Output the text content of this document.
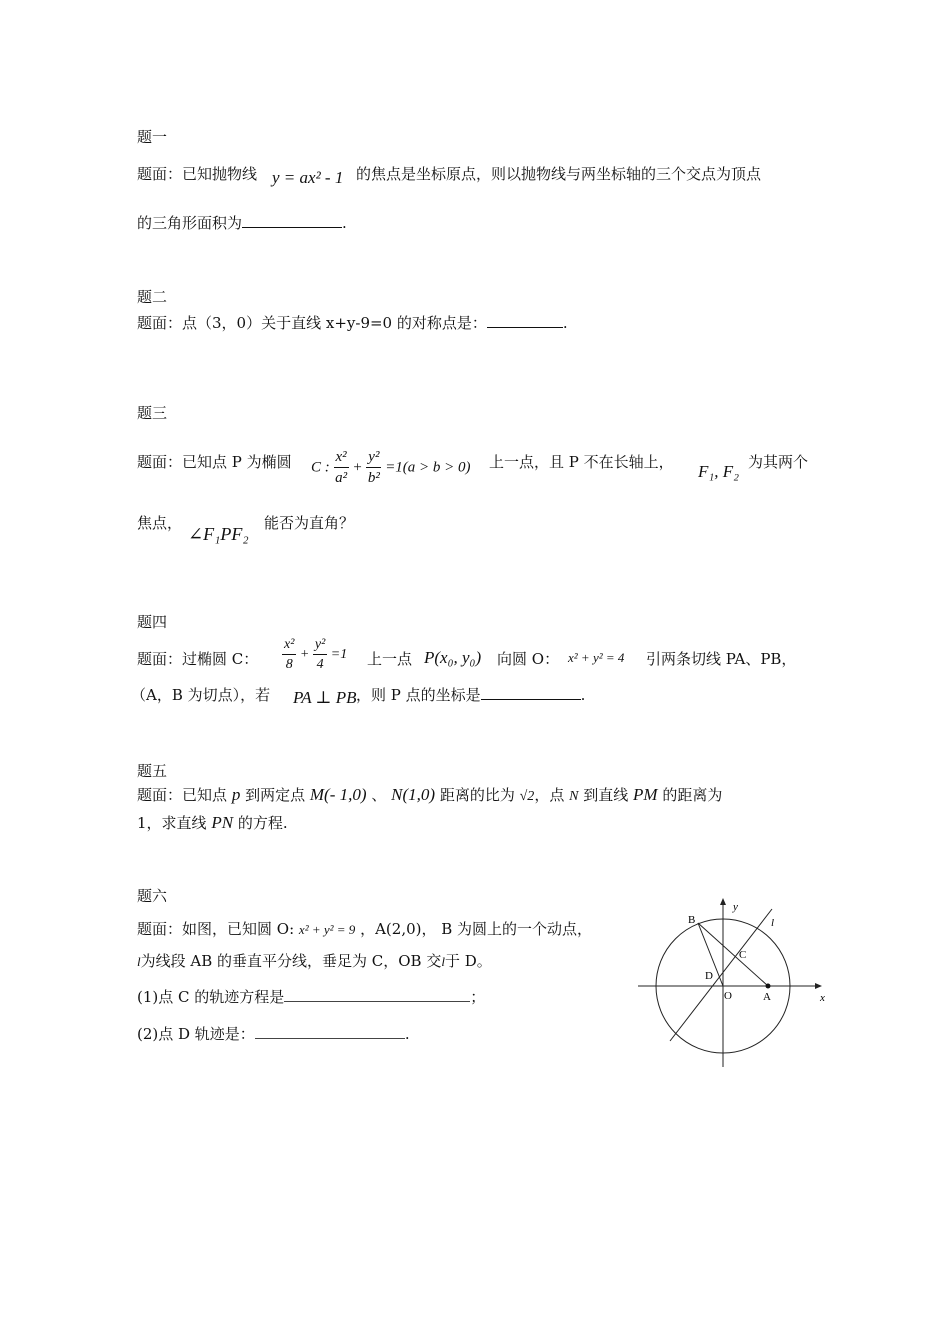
题一
题面：已知抛物线 y = ax² - 1 的焦点是坐标原点，则以抛物线与两坐标轴的三个交点为顶点
的三角形面积为	.
题二
题面：点（3，0）关于直线 x+y-9=0 的对称点是：	.
题三
题面：已知点 P 为椭圆 C : $\frac{\text{x²}}{\text{a²}} + \frac{\text{y²}}{\text{b²}} =1(a > b > 0)$ 上一点，且 P 不在长轴上， F₁, F₂ 为其两个
焦点，
∠F₁PF₂
能否为直角？
题四
题面：过椭圆 C： $\frac{\text{x²}}{8} + \frac{\text{y²}}{4} =1$ 上一点 P(x₀, y₀) 向圆 O： x² + y² = 4 引两条切线 PA、PB，
（A，B 为切点），若 PA ⊥ PB ，则 P 点的坐标是	.
题五
题面：已知点 p 到两定点 M(- 1,0) 、 N(1,0) 距离的比为 √2，点 N 到直线 PM 的距离为
1，求直线 PN 的方程.
题六
题面：如图，已知圆 O: x² + y² = 9 ，A(2,0)， B 为圆上的一个动点，
l为线段 AB 的垂直平分线，垂足为 C，OB 交l于 D。
(1)点 C 的轨迹方程是	；
(2)点 D 轨迹是：	.
x
y
l
B
C
D
O	A
